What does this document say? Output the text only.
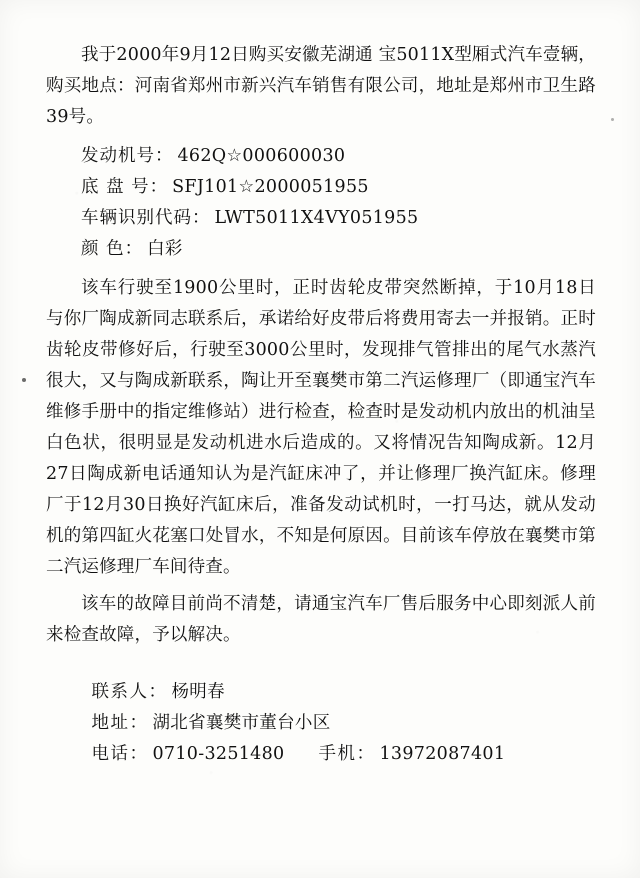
我于2000年9月12日购买安徽芜湖通 宝5011X型厢式汽车壹辆，购买地点：河南省郑州市新兴汽车销售有限公司，地址是郑州市卫生路39号。

发动机号： 462Q☆000600030
底 盘 号： SFJ101☆2000051955
车辆识别代码： LWT5011X4VY051955
颜 色： 白彩

该车行驶至1900公里时，正时齿轮皮带突然断掉，于10月18日与你厂陶成新同志联系后，承诺给好皮带后将费用寄去一并报销。正时齿轮皮带修好后，行驶至3000公里时，发现排气管排出的尾气水蒸汽很大，又与陶成新联系，陶让开至襄樊市第二汽运修理厂（即通宝汽车维修手册中的指定维修站）进行检查，检查时是发动机内放出的机油呈白色状，很明显是发动机进水后造成的。又将情况告知陶成新。12月27日陶成新电话通知认为是汽缸床冲了，并让修理厂换汽缸床。修理厂于12月30日换好汽缸床后，准备发动试机时，一打马达，就从发动机的第四缸火花塞口处冒水，不知是何原因。目前该车停放在襄樊市第二汽运修理厂车间待查。

该车的故障目前尚不清楚，请通宝汽车厂售后服务中心即刻派人前来检查故障，予以解决。

联系人： 杨明春
地址： 湖北省襄樊市董台小区
电话： 0710-3251480 手机： 13972087401
